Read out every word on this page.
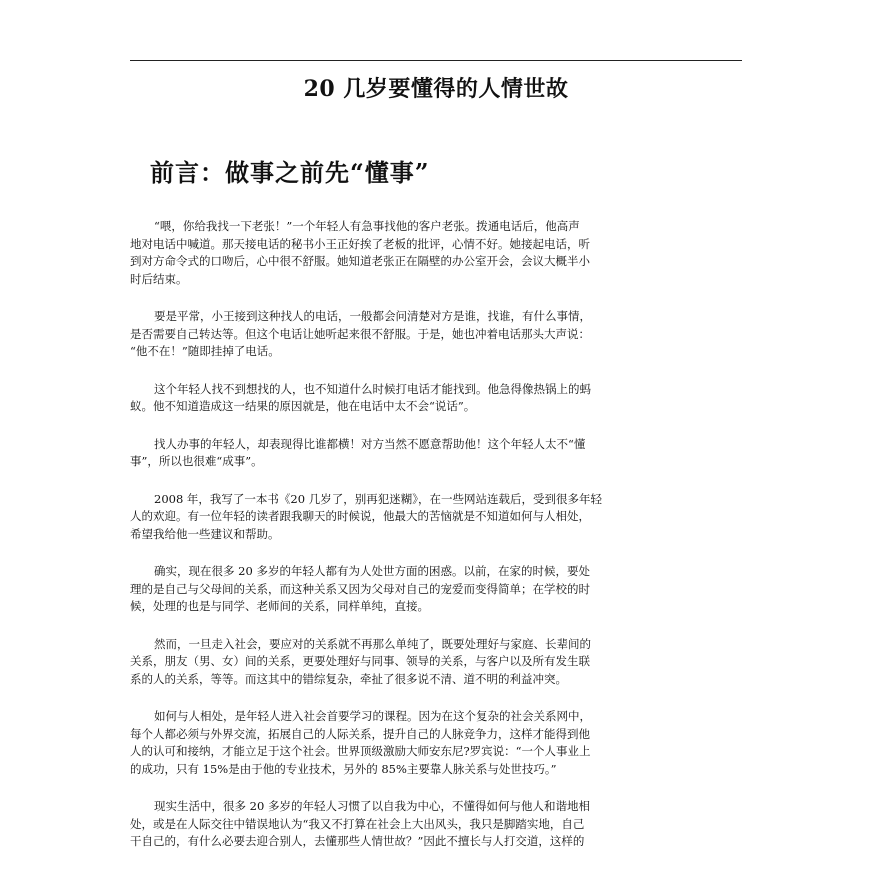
20 几岁要懂得的人情世故
前言：做事之前先“懂事”
“喂，你给我找一下老张！”一个年轻人有急事找他的客户老张。拨通电话后，他高声
地对电话中喊道。那天接电话的秘书小王正好挨了老板的批评，心情不好。她接起电话，听
到对方命令式的口吻后，心中很不舒服。她知道老张正在隔壁的办公室开会，会议大概半小
时后结束。
要是平常，小王接到这种找人的电话，一般都会问清楚对方是谁，找谁，有什么事情，
是否需要自己转达等。但这个电话让她听起来很不舒服。于是，她也冲着电话那头大声说：
“他不在！”随即挂掉了电话。
这个年轻人找不到想找的人，也不知道什么时候打电话才能找到。他急得像热锅上的蚂
蚁。他不知道造成这一结果的原因就是，他在电话中太不会“说话”。
找人办事的年轻人，却表现得比谁都横！对方当然不愿意帮助他！这个年轻人太不“懂
事”，所以也很难“成事”。
2008 年，我写了一本书《20 几岁了，别再犯迷糊》，在一些网站连载后，受到很多年轻
人的欢迎。有一位年轻的读者跟我聊天的时候说，他最大的苦恼就是不知道如何与人相处，
希望我给他一些建议和帮助。
确实，现在很多 20 多岁的年轻人都有为人处世方面的困惑。以前，在家的时候，要处
理的是自己与父母间的关系，而这种关系又因为父母对自己的宠爱而变得简单；在学校的时
候，处理的也是与同学、老师间的关系，同样单纯，直接。
然而，一旦走入社会，要应对的关系就不再那么单纯了，既要处理好与家庭、长辈间的
关系，朋友（男、女）间的关系，更要处理好与同事、领导的关系，与客户以及所有发生联
系的人的关系，等等。而这其中的错综复杂，牵扯了很多说不清、道不明的利益冲突。
如何与人相处，是年轻人进入社会首要学习的课程。因为在这个复杂的社会关系网中，
每个人都必须与外界交流，拓展自己的人际关系，提升自己的人脉竞争力，这样才能得到他
人的认可和接纳，才能立足于这个社会。世界顶级激励大师安东尼?罗宾说：“一个人事业上
的成功，只有 15%是由于他的专业技术，另外的 85%主要靠人脉关系与处世技巧。”
现实生活中，很多 20 多岁的年轻人习惯了以自我为中心，不懂得如何与他人和谐地相
处，或是在人际交往中错误地认为“我又不打算在社会上大出风头，我只是脚踏实地，自己
干自己的，有什么必要去迎合别人，去懂那些人情世故？”因此不擅长与人打交道，这样的
